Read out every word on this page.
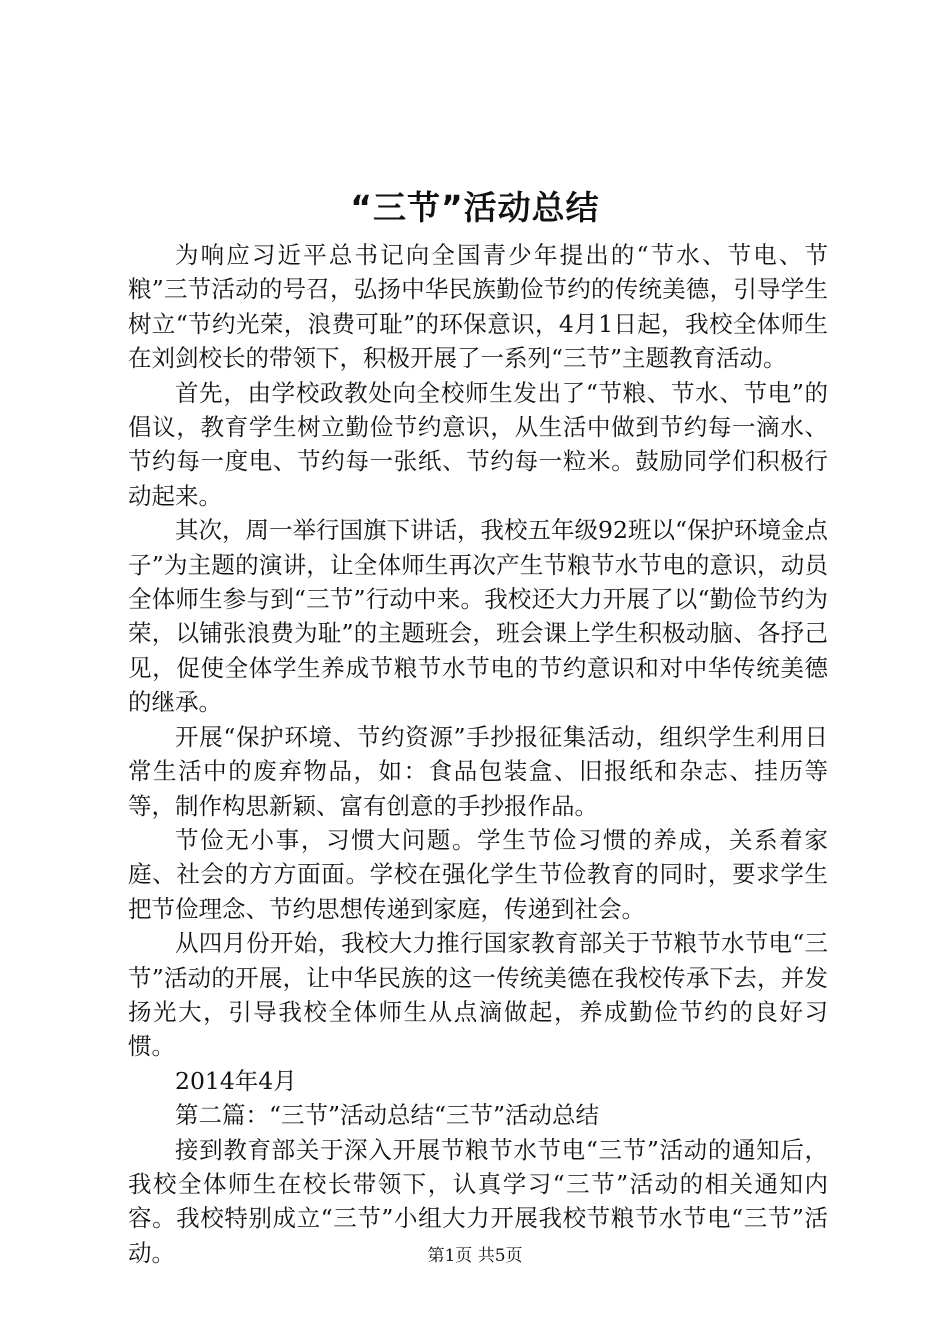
“三节”活动总结

为响应习近平总书记向全国青少年提出的“节水、节电、节粮”三节活动的号召，弘扬中华民族勤俭节约的传统美德，引导学生树立“节约光荣，浪费可耻”的环保意识，4月1日起，我校全体师生在刘剑校长的带领下，积极开展了一系列“三节”主题教育活动。

首先，由学校政教处向全校师生发出了“节粮、节水、节电”的倡议，教育学生树立勤俭节约意识，从生活中做到节约每一滴水、节约每一度电、节约每一张纸、节约每一粒米。鼓励同学们积极行动起来。

其次，周一举行国旗下讲话，我校五年级92班以“保护环境金点子”为主题的演讲，让全体师生再次产生节粮节水节电的意识，动员全体师生参与到“三节”行动中来。我校还大力开展了以“勤俭节约为荣，以铺张浪费为耻”的主题班会，班会课上学生积极动脑、各抒己见，促使全体学生养成节粮节水节电的节约意识和对中华传统美德的继承。

开展“保护环境、节约资源”手抄报征集活动，组织学生利用日常生活中的废弃物品，如：食品包装盒、旧报纸和杂志、挂历等等，制作构思新颖、富有创意的手抄报作品。

节俭无小事，习惯大问题。学生节俭习惯的养成，关系着家庭、社会的方方面面。学校在强化学生节俭教育的同时，要求学生把节俭理念、节约思想传递到家庭，传递到社会。

从四月份开始，我校大力推行国家教育部关于节粮节水节电“三节”活动的开展，让中华民族的这一传统美德在我校传承下去，并发扬光大，引导我校全体师生从点滴做起，养成勤俭节约的良好习惯。

2014年4月

第二篇：“三节”活动总结“三节”活动总结

接到教育部关于深入开展节粮节水节电“三节”活动的通知后，我校全体师生在校长带领下，认真学习“三节”活动的相关通知内容。我校特别成立“三节”小组大力开展我校节粮节水节电“三节”活动。	第1页 共5页
